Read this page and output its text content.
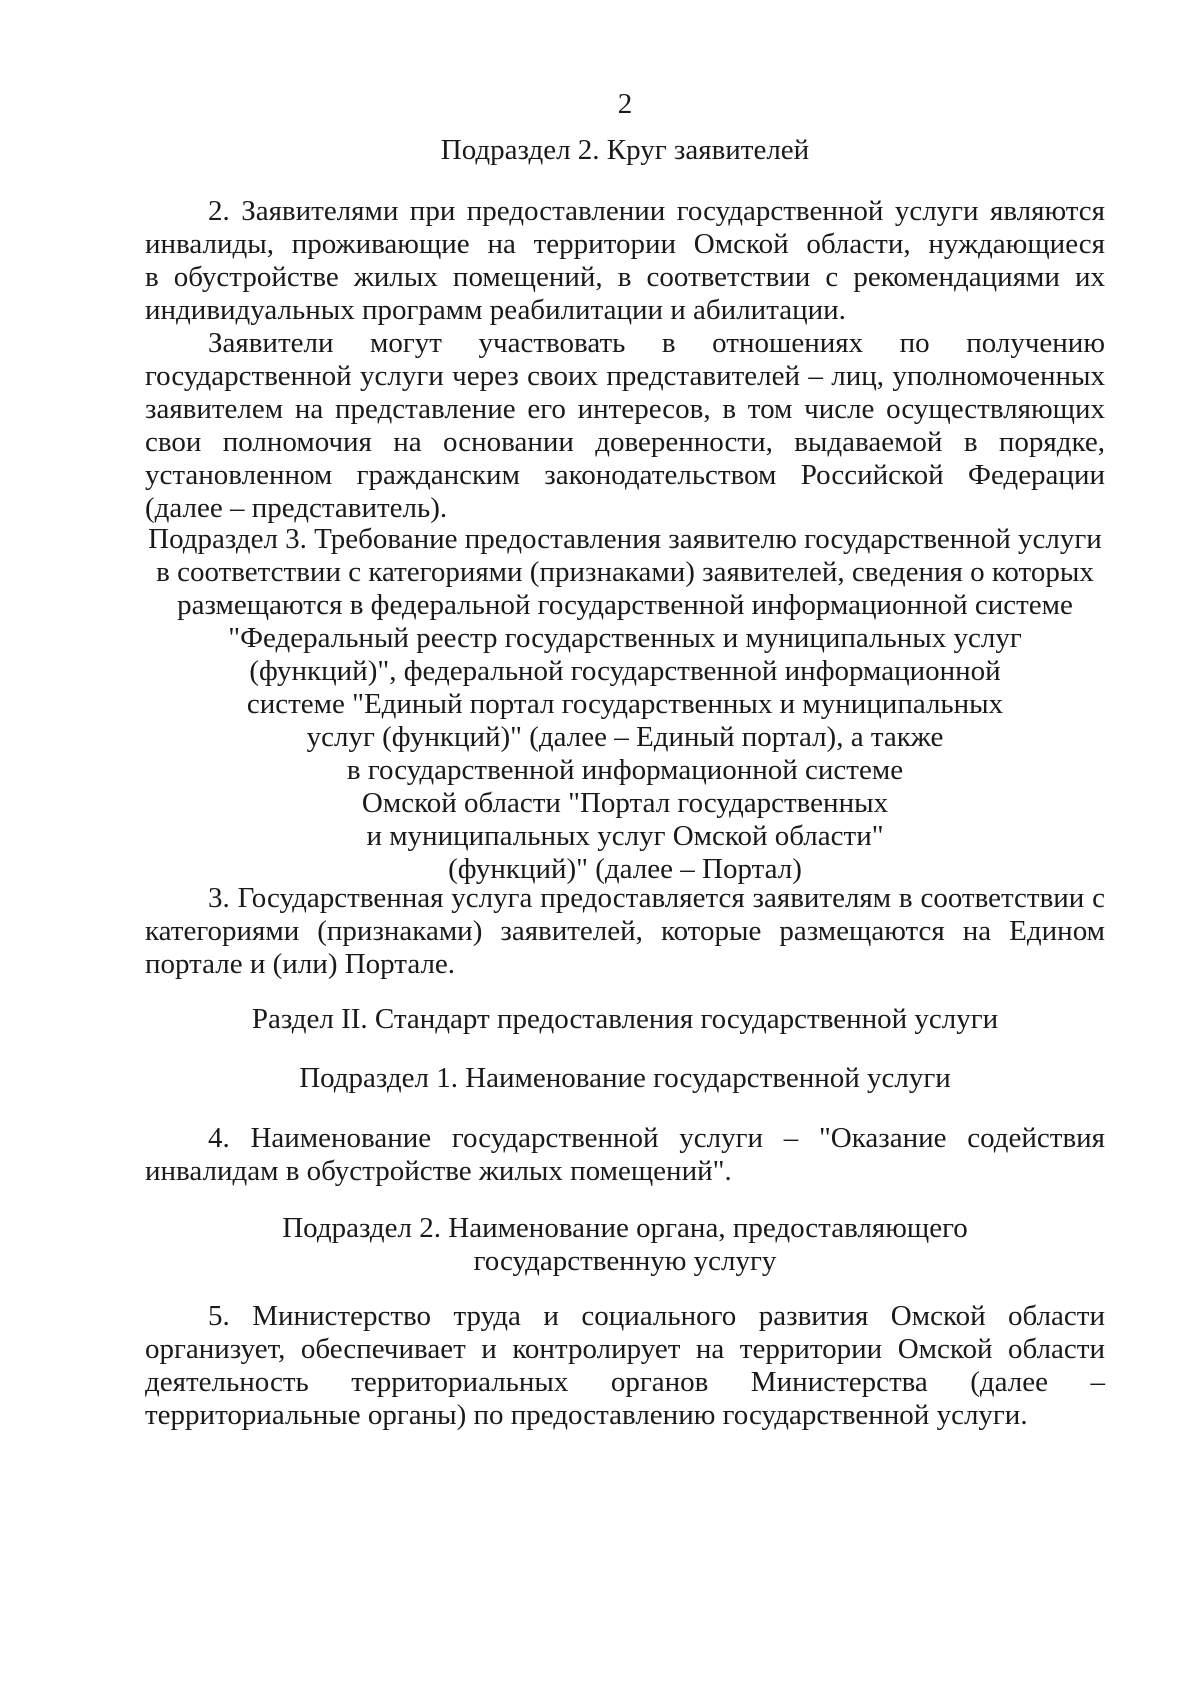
2
Подраздел 2. Круг заявителей
2. Заявителями при предоставлении государственной услуги являются
инвалиды, проживающие на территории Омской области, нуждающиеся
в обустройстве жилых помещений, в соответствии с рекомендациями их
индивидуальных программ реабилитации и абилитации.
Заявители могут участвовать в отношениях по получению
государственной услуги через своих представителей – лиц, уполномоченных
заявителем на представление его интересов, в том числе осуществляющих
свои полномочия на основании доверенности, выдаваемой в порядке,
установленном гражданским законодательством Российской Федерации
(далее – представитель).
Подраздел 3. Требование предоставления заявителю государственной услуги
в соответствии с категориями (признаками) заявителей, сведения о которых
размещаются в федеральной государственной информационной системе
"Федеральный реестр государственных и муниципальных услуг
(функций)", федеральной государственной информационной
системе "Единый портал государственных и муниципальных
услуг (функций)" (далее – Единый портал), а также
в государственной информационной системе
Омской области "Портал государственных
и муниципальных услуг Омской области"
(функций)" (далее – Портал)
3. Государственная услуга предоставляется заявителям в соответствии с
категориями (признаками) заявителей, которые размещаются на Едином
портале и (или) Портале.
Раздел II. Стандарт предоставления государственной услуги
Подраздел 1. Наименование государственной услуги
4. Наименование государственной услуги – "Оказание содействия
инвалидам в обустройстве жилых помещений".
Подраздел 2. Наименование органа, предоставляющего
государственную услугу
5. Министерство труда и социального развития Омской области
организует, обеспечивает и контролирует на территории Омской области
деятельность территориальных органов Министерства (далее –
территориальные органы) по предоставлению государственной услуги.
